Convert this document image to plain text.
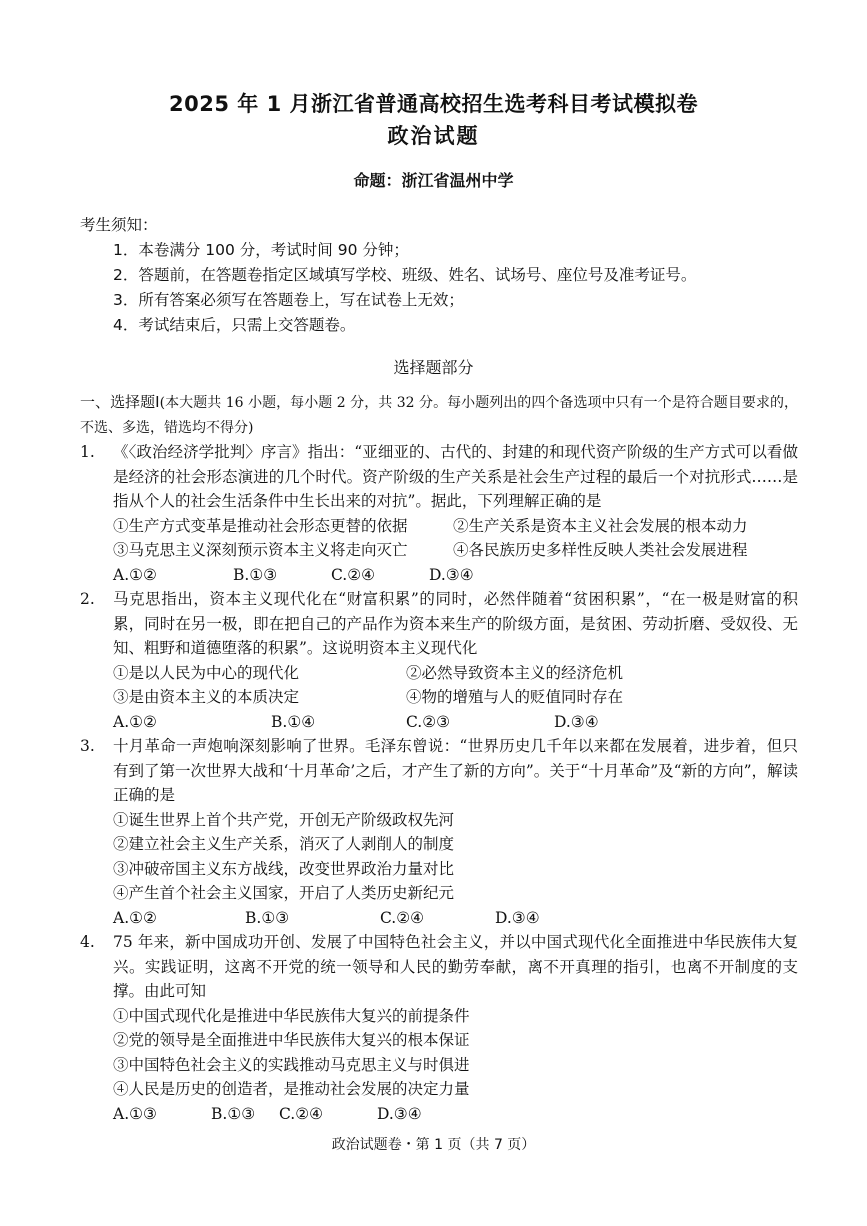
2025 年 1 月浙江省普通高校招生选考科目考试模拟卷
政治试题
命题：浙江省温州中学
考生须知：
1．本卷满分 100 分，考试时间 90 分钟；
2．答题前，在答题卷指定区域填写学校、班级、姓名、试场号、座位号及准考证号。
3．所有答案必须写在答题卷上，写在试卷上无效；
4．考试结束后，只需上交答题卷。
选择题部分
一、选择题Ⅰ(本大题共 16 小题，每小题 2 分，共 32 分。每小题列出的四个备选项中只有一个是符合题目要求的，不选、多选，错选均不得分)
1. 《〈政治经济学批判〉序言》指出：“亚细亚的、古代的、封建的和现代资产阶级的生产方式可以看做是经济的社会形态演进的几个时代。资产阶级的生产关系是社会生产过程的最后一个对抗形式……是指从个人的社会生活条件中生长出来的对抗”。据此，下列理解正确的是
①生产方式变革是推动社会形态更替的依据	②生产关系是资本主义社会发展的根本动力
③马克思主义深刻预示资本主义将走向灭亡	④各民族历史多样性反映人类社会发展进程
A.①②	B.①③	C.②④	D.③④
2. 马克思指出，资本主义现代化在“财富积累”的同时，必然伴随着“贫困积累”，“在一极是财富的积累，同时在另一极，即在把自己的产品作为资本来生产的阶级方面，是贫困、劳动折磨、受奴役、无知、粗野和道德堕落的积累”。这说明资本主义现代化
①是以人民为中心的现代化	②必然导致资本主义的经济危机
③是由资本主义的本质决定	④物的增殖与人的贬值同时存在
A.①②	B.①④	C.②③	D.③④
3. 十月革命一声炮响深刻影响了世界。毛泽东曾说：“世界历史几千年以来都在发展着，进步着，但只有到了第一次世界大战和‘十月革命’之后，才产生了新的方向”。关于“十月革命”及“新的方向”，解读正确的是
①诞生世界上首个共产党，开创无产阶级政权先河
②建立社会主义生产关系，消灭了人剥削人的制度
③冲破帝国主义东方战线，改变世界政治力量对比
④产生首个社会主义国家，开启了人类历史新纪元
A.①②	B.①③	C.②④	D.③④
4. 75 年来，新中国成功开创、发展了中国特色社会主义，并以中国式现代化全面推进中华民族伟大复兴。实践证明，这离不开党的统一领导和人民的勤劳奉献，离不开真理的指引，也离不开制度的支撑。由此可知
①中国式现代化是推进中华民族伟大复兴的前提条件
②党的领导是全面推进中华民族伟大复兴的根本保证
③中国特色社会主义的实践推动马克思主义与时俱进
④人民是历史的创造者，是推动社会发展的决定力量
A.①③	B.①③	C.②④	D.③④
政治试题卷・第 1 页（共 7 页）
